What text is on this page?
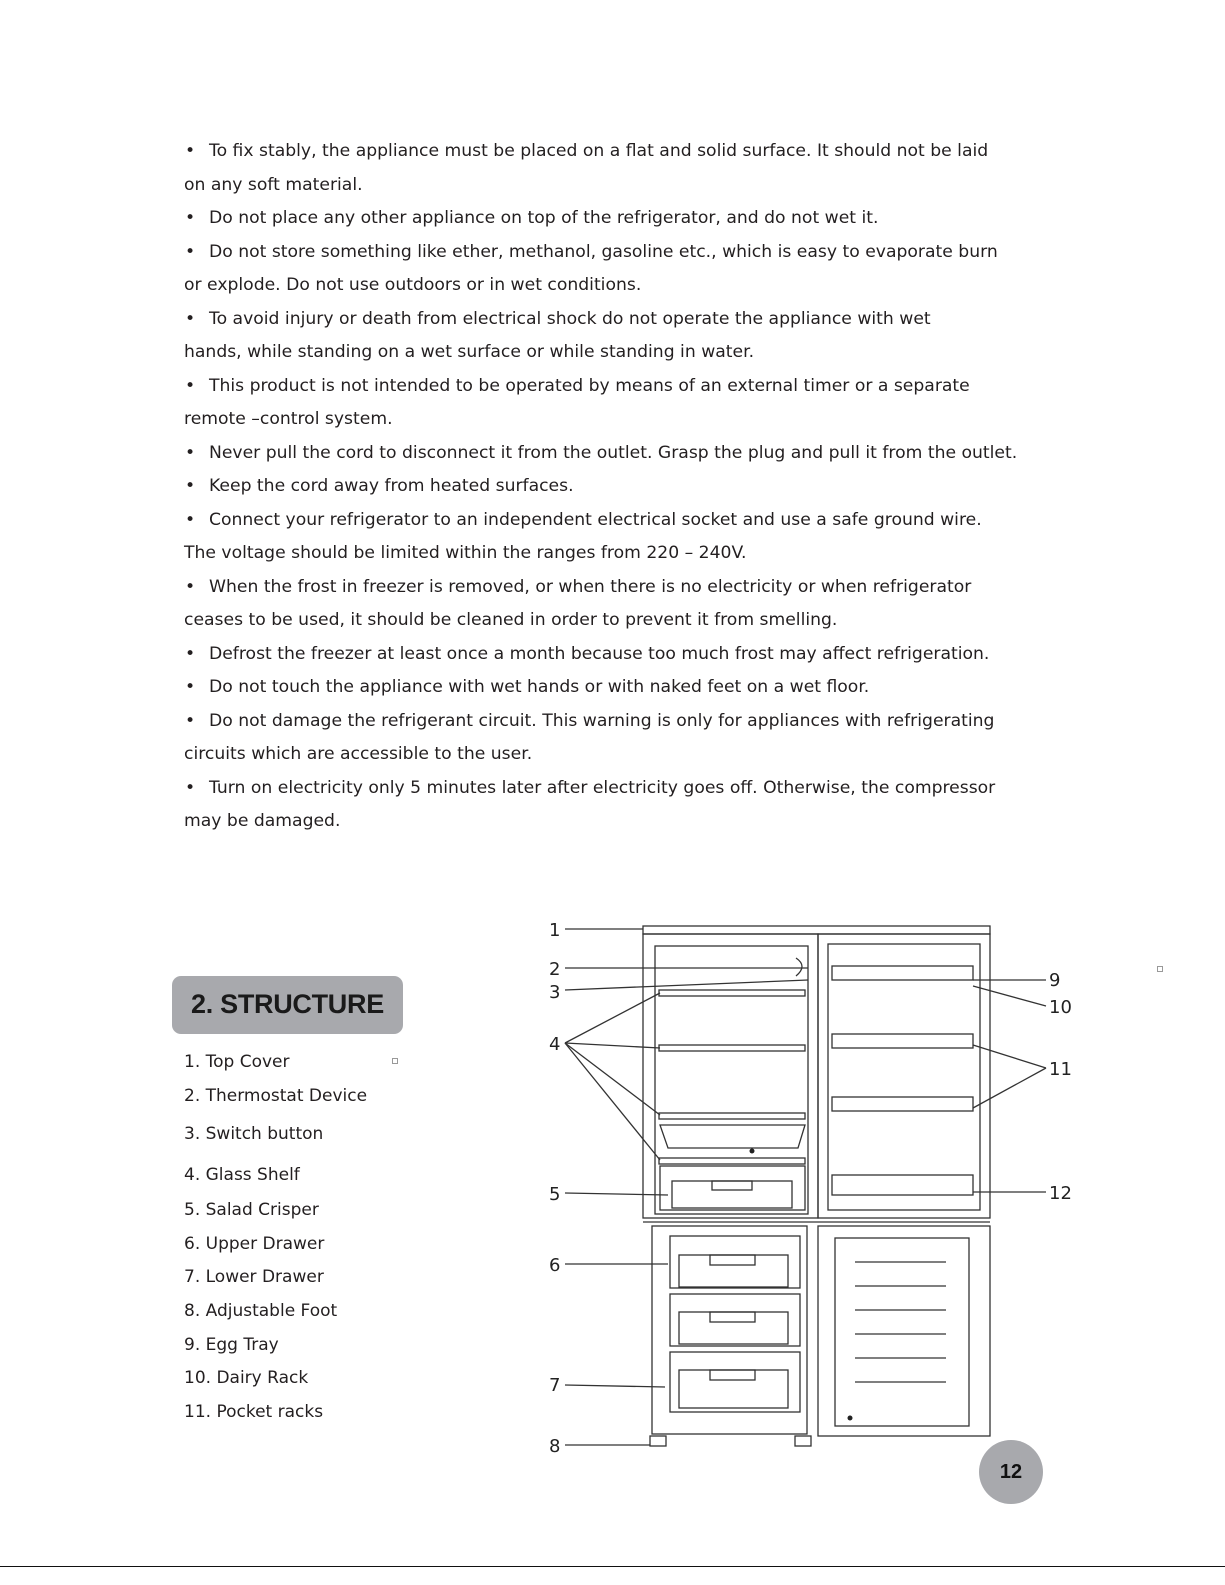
• To fix stably, the appliance must be placed on a flat and solid surface. It should not be laid
on any soft material.
• Do not place any other appliance on top of the refrigerator, and do not wet it.
• Do not store something like ether, methanol, gasoline etc., which is easy to evaporate burn
or explode. Do not use outdoors or in wet conditions.
• To avoid injury or death from electrical shock do not operate the appliance with wet
hands, while standing on a wet surface or while standing in water.
• This product is not intended to be operated by means of an external timer or a separate
remote –control system.
• Never pull the cord to disconnect it from the outlet. Grasp the plug and pull it from the outlet.
• Keep the cord away from heated surfaces.
• Connect your refrigerator to an independent electrical socket and use a safe ground wire.
The voltage should be limited within the ranges from 220 – 240V.
• When the frost in freezer is removed, or when there is no electricity or when refrigerator
ceases to be used, it should be cleaned in order to prevent it from smelling.
• Defrost the freezer at least once a month because too much frost may affect refrigeration.
• Do not touch the appliance with wet hands or with naked feet on a wet floor.
• Do not damage the refrigerant circuit. This warning is only for appliances with refrigerating
circuits which are accessible to the user.
• Turn on electricity only 5 minutes later after electricity goes off. Otherwise, the compressor
may be damaged.
2. STRUCTURE
1. Top Cover
2. Thermostat Device
3. Switch button
4. Glass Shelf
5. Salad Crisper
6. Upper Drawer
7. Lower Drawer
8. Adjustable Foot
9. Egg Tray
10. Dairy Rack
11. Pocket racks
1
2
3
4
5
6
7
8
9
10
11
12
12
